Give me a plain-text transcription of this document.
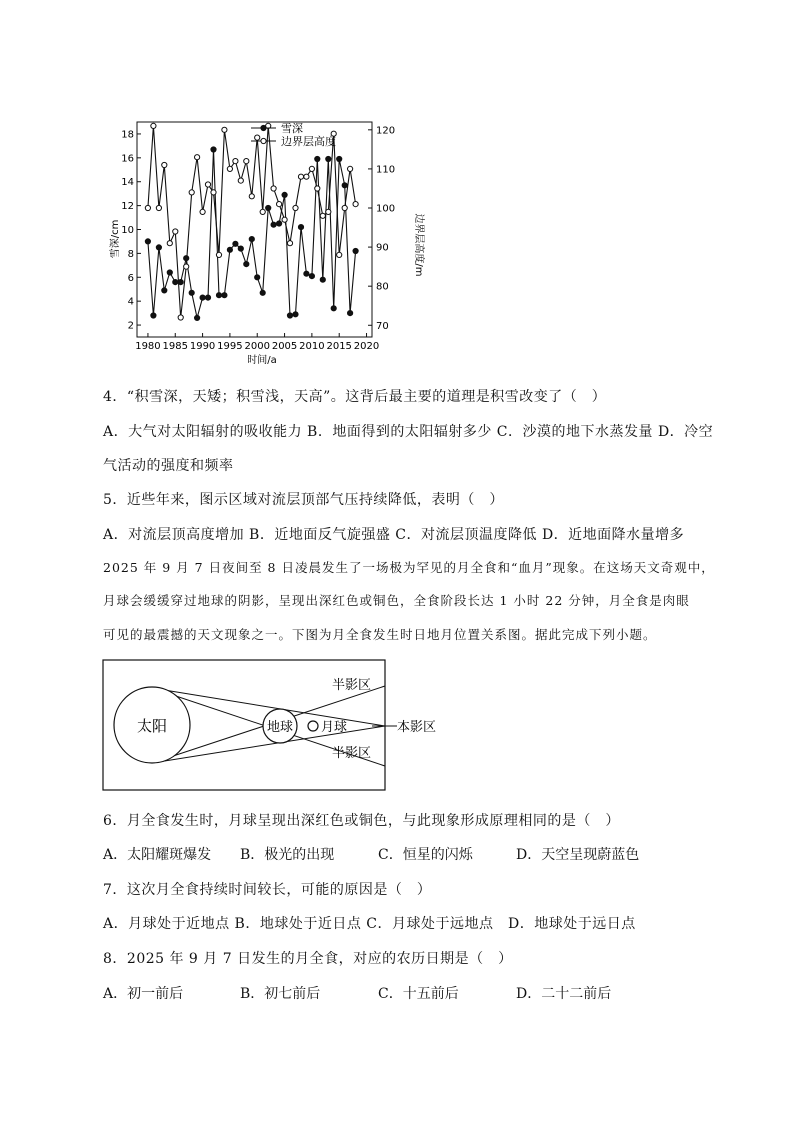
2
4
6
8
10
12
14
16
18
70
80
90
100
110
120
1980 1985 1990 1995 2000 2005 2010 2015 2020
雪深
边界层高度
时间/a
雪深/cm	边界层高度/m
4．“积雪深，天矮；积雪浅，天高”。这背后最主要的道理是积雪改变了（　）
A．大气对太阳辐射的吸收能力 B．地面得到的太阳辐射多少 C．沙漠的地下水蒸发量 D．冷空
气活动的强度和频率
5．近些年来，图示区域对流层顶部气压持续降低，表明（　）
A．对流层顶高度增加 B．近地面反气旋强盛 C．对流层顶温度降低 D．近地面降水量增多
2025 年 9 月 7 日夜间至 8 日凌晨发生了一场极为罕见的月全食和“血月”现象。在这场天文奇观中，
月球会缓缓穿过地球的阴影，呈现出深红色或铜色，全食阶段长达 1 小时 22 分钟，月全食是肉眼
可见的最震撼的天文现象之一。下图为月全食发生时日地月位置关系图。据此完成下列小题。
太阳	地球 月球
半影区
半影区
本影区
6．月全食发生时，月球呈现出深红色或铜色，与此现象形成原理相同的是（　）
A．太阳耀斑爆发 B．极光的出现	C．恒星的闪烁	D．天空呈现蔚蓝色
7．这次月全食持续时间较长，可能的原因是（　）
A．月球处于近地点 B．地球处于近日点 C．月球处于远地点　D．地球处于远日点
8．2025 年 9 月 7 日发生的月全食，对应的农历日期是（　）
A．初一前后	B．初七前后	C．十五前后	D．二十二前后
